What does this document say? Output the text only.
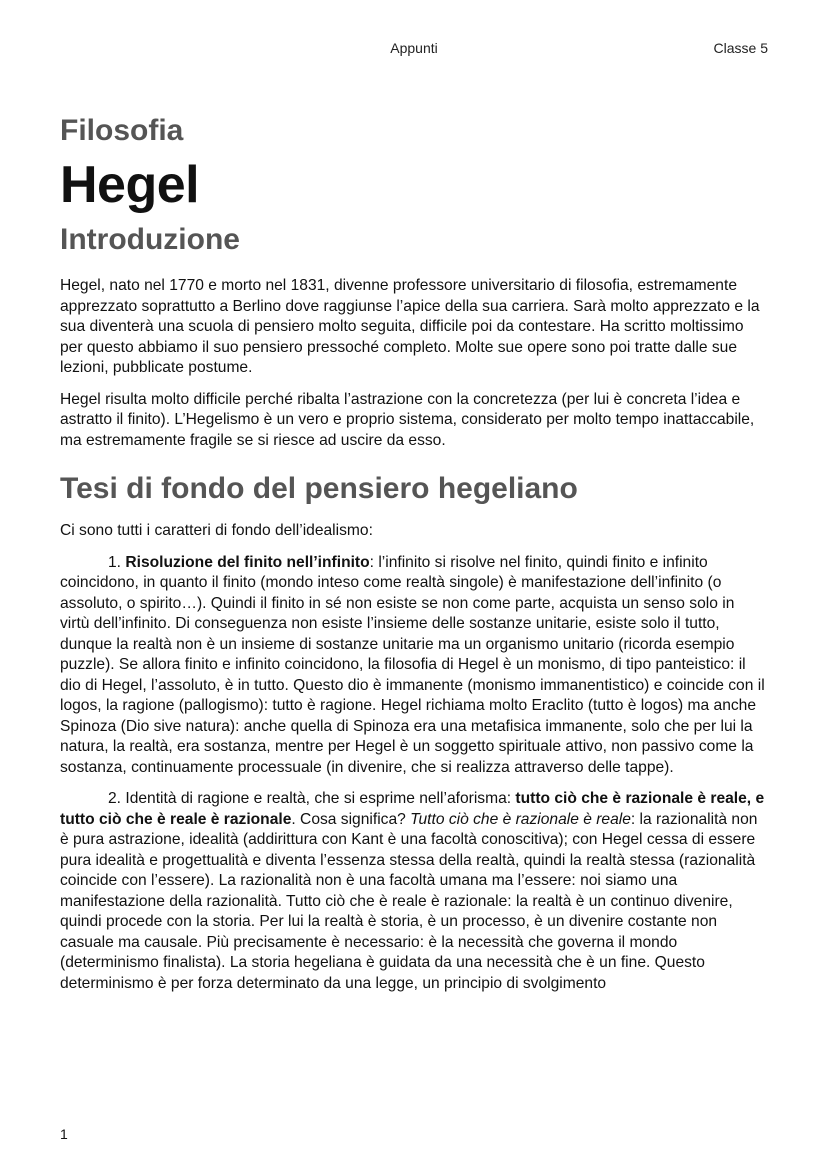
Appunti	Classe 5
Filosofia
Hegel
Introduzione

Hegel, nato nel 1770 e morto nel 1831, divenne professore universitario di filosofia, estremamente apprezzato soprattutto a Berlino dove raggiunse l’apice della sua carriera. Sarà molto apprezzato e la sua diventerà una scuola di pensiero molto seguita, difficile poi da contestare. Ha scritto moltissimo per questo abbiamo il suo pensiero pressoché completo. Molte sue opere sono poi tratte dalle sue lezioni, pubblicate postume.

Hegel risulta molto difficile perché ribalta l’astrazione con la concretezza (per lui è concreta l’idea e astratto il finito). L’Hegelismo è un vero e proprio sistema, considerato per molto tempo inattaccabile, ma estremamente fragile se si riesce ad uscire da esso.

Tesi di fondo del pensiero hegeliano

Ci sono tutti i caratteri di fondo dell’idealismo:

1. Risoluzione del finito nell’infinito: l’infinito si risolve nel finito, quindi finito e infinito coincidono, in quanto il finito (mondo inteso come realtà singole) è manifestazione dell’infinito (o assoluto, o spirito…). Quindi il finito in sé non esiste se non come parte, acquista un senso solo in virtù dell’infinito. Di conseguenza non esiste l’insieme delle sostanze unitarie, esiste solo il tutto, dunque la realtà non è un insieme di sostanze unitarie ma un organismo unitario (ricorda esempio puzzle). Se allora finito e infinito coincidono, la filosofia di Hegel è un monismo, di tipo panteistico: il dio di Hegel, l’assoluto, è in tutto. Questo dio è immanente (monismo immanentistico) e coincide con il logos, la ragione (pallogismo): tutto è ragione. Hegel richiama molto Eraclito (tutto è logos) ma anche Spinoza (Dio sive natura): anche quella di Spinoza era una metafisica immanente, solo che per lui la natura, la realtà, era sostanza, mentre per Hegel è un soggetto spirituale attivo, non passivo come la sostanza, continuamente processuale (in divenire, che si realizza attraverso delle tappe).

2. Identità di ragione e realtà, che si esprime nell’aforisma: tutto ciò che è razionale è reale, e tutto ciò che è reale è razionale. Cosa significa? Tutto ciò che è razionale è reale: la razionalità non è pura astrazione, idealità (addirittura con Kant è una facoltà conoscitiva); con Hegel cessa di essere pura idealità e progettualità e diventa l’essenza stessa della realtà, quindi la realtà stessa (razionalità coincide con l’essere). La razionalità non è una facoltà umana ma l’essere: noi siamo una manifestazione della razionalità. Tutto ciò che è reale è razionale: la realtà è un continuo divenire, quindi procede con la storia. Per lui la realtà è storia, è un processo, è un divenire costante non casuale ma causale. Più precisamente è necessario: è la necessità che governa il mondo (determinismo finalista). La storia hegeliana è guidata da una necessità che è un fine. Questo determinismo è per forza determinato da una legge, un principio di svolgimento

1
